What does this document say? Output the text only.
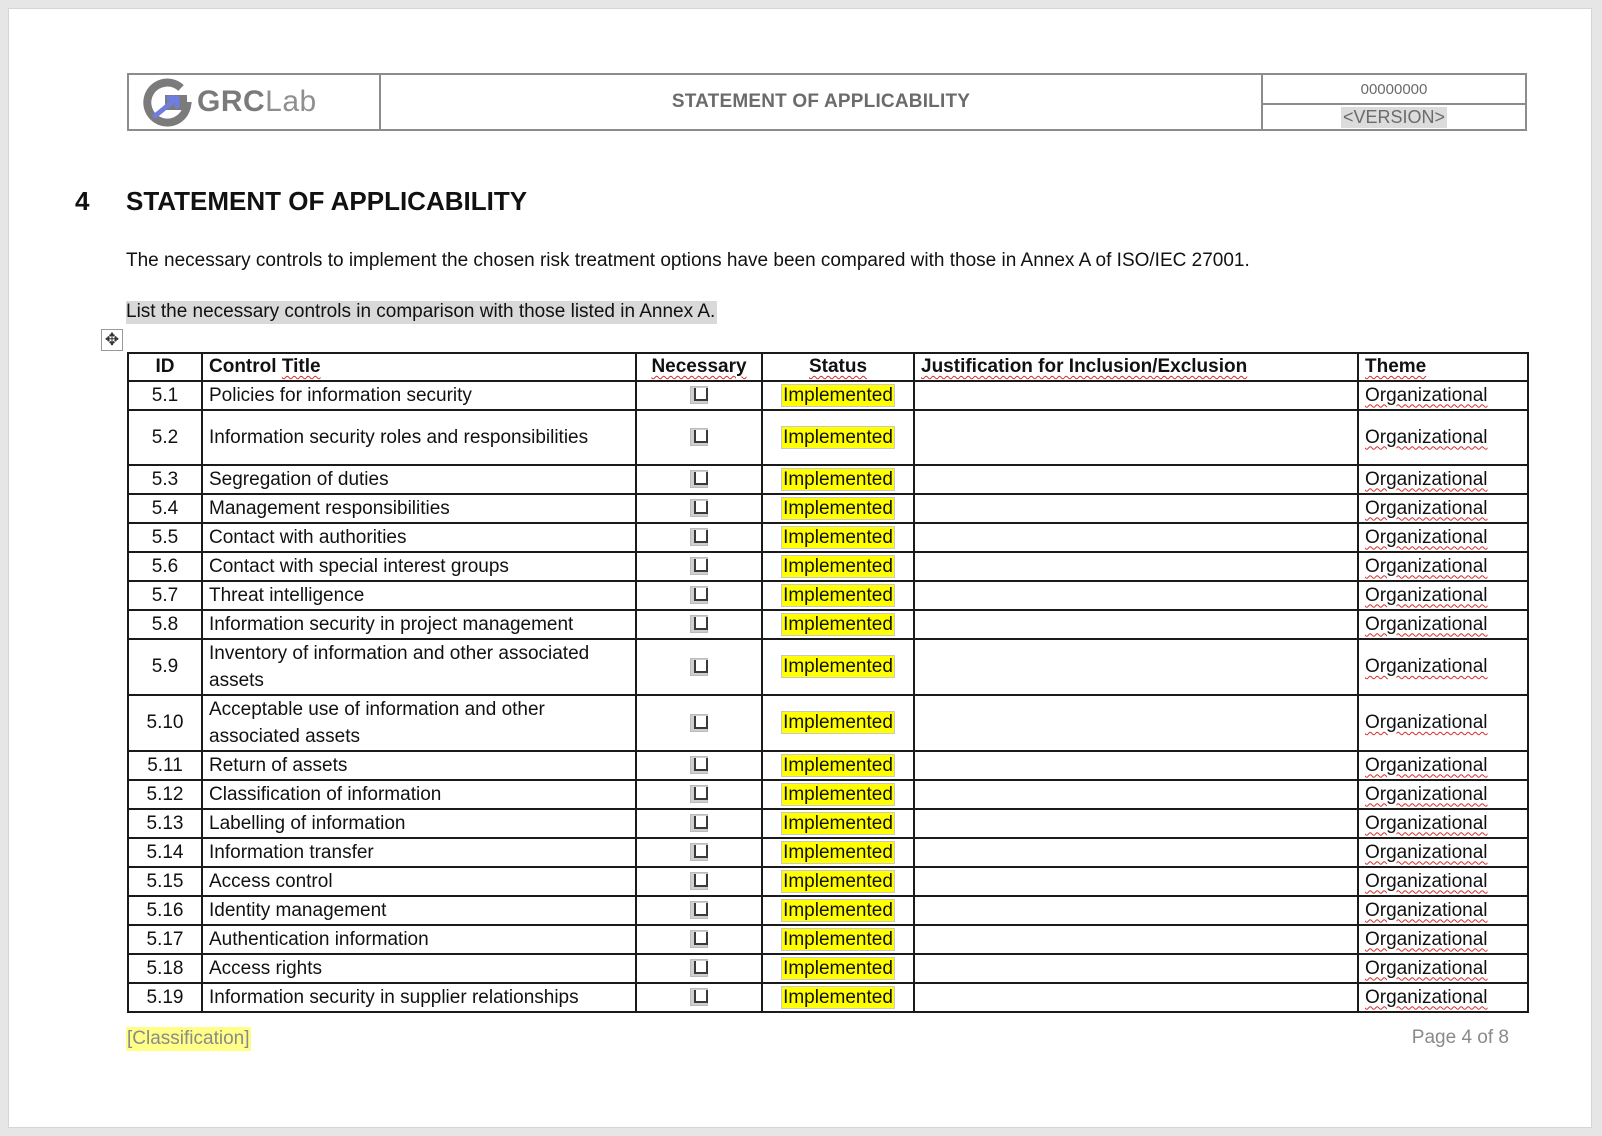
GRCLab	STATEMENT OF APPLICABILITY
00000000
<VERSION>
4 STATEMENT OF APPLICABILITY
The necessary controls to implement the chosen risk treatment options have been compared with those in Annex A of ISO/IEC 27001.
List the necessary controls in comparison with those listed in Annex A.
✥
ID	Control Title	Necessary	Status	Justification for Inclusion/Exclusion	Theme
5.1	Policies for information security		Implemented		Organizational
5.2	Information security roles and responsibilities		Implemented		Organizational
5.3	Segregation of duties		Implemented		Organizational
5.4	Management responsibilities		Implemented		Organizational
5.5	Contact with authorities		Implemented		Organizational
5.6	Contact with special interest groups		Implemented		Organizational
5.7	Threat intelligence		Implemented		Organizational
5.8	Information security in project management		Implemented		Organizational
5.9	Inventory of information and other associated assets		Implemented		Organizational
5.10	Acceptable use of information and other associated assets		Implemented		Organizational
5.11	Return of assets		Implemented		Organizational
5.12	Classification of information		Implemented		Organizational
5.13	Labelling of information		Implemented		Organizational
5.14	Information transfer		Implemented		Organizational
5.15	Access control		Implemented		Organizational
5.16	Identity management		Implemented		Organizational
5.17	Authentication information		Implemented		Organizational
5.18	Access rights		Implemented		Organizational
5.19	Information security in supplier relationships		Implemented		Organizational
[Classification]	Page 4 of 8
